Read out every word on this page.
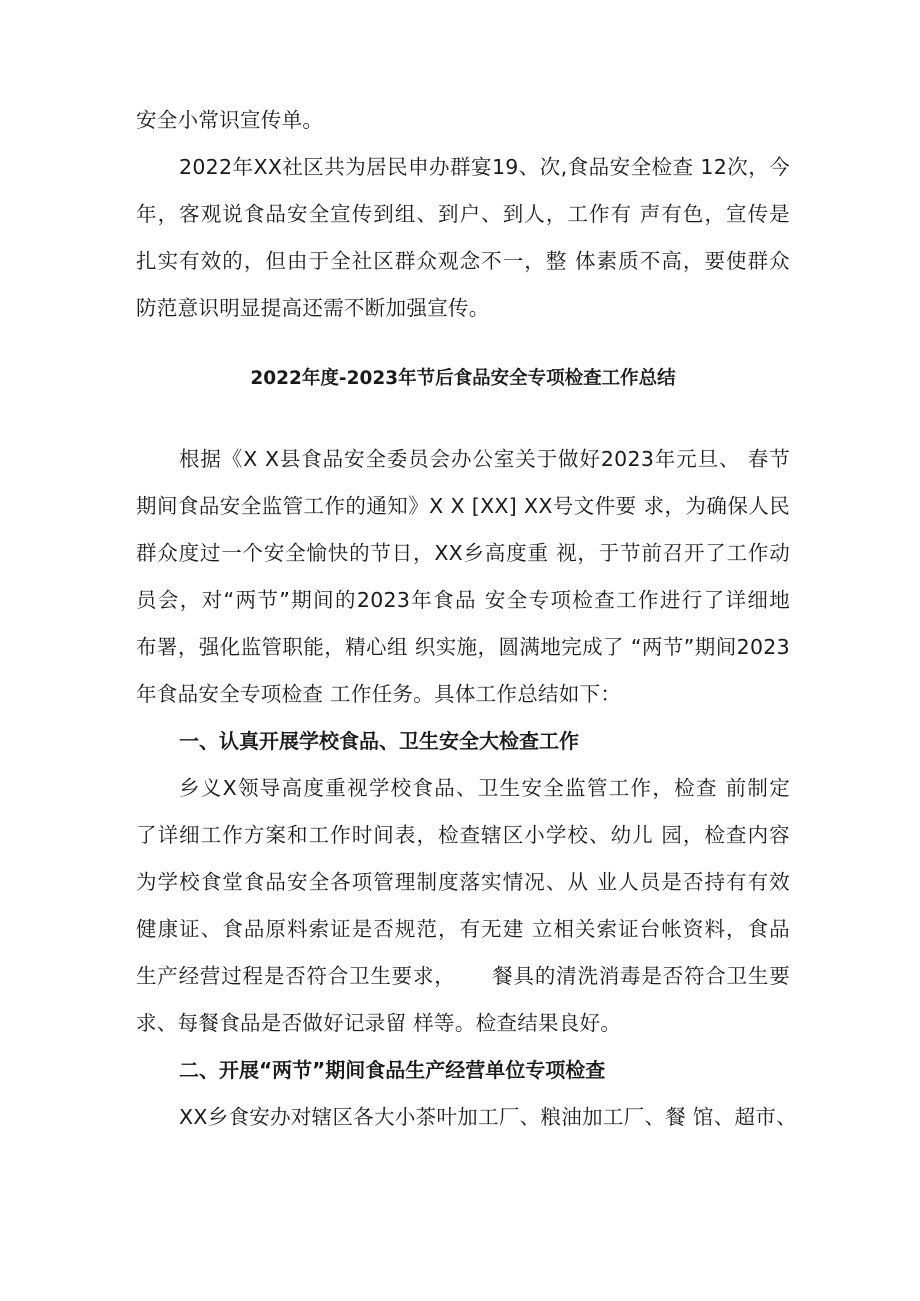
安全小常识宣传单。
2022年XX社区共为居民申办群宴19、次,食品安全检查 12次，今
年，客观说食品安全宣传到组、到户、到人，工作有 声有色，宣传是
扎实有效的，但由于全社区群众观念不一，整 体素质不高，要使群众
防范意识明显提高还需不断加强宣传。
2022年度-2023年节后食品安全专项检查工作总结
根据《X X县食品安全委员会办公室关于做好2023年元旦、 春节
期间食品安全监管工作的通知》X X [XX] XX号文件要 求，为确保人民
群众度过一个安全愉快的节日，XX乡高度重 视，于节前召开了工作动
员会，对“两节”期间的2023年食品 安全专项检查工作进行了详细地
布署，强化监管职能，精心组 织实施，圆满地完成了 “两节”期间2023
年食品安全专项检查 工作任务。具体工作总结如下：
一、认真开展学校食品、卫生安全大检查工作
乡义X领导高度重视学校食品、卫生安全监管工作，检查 前制定
了详细工作方案和工作时间表，检查辖区小学校、幼儿 园，检查内容
为学校食堂食品安全各项管理制度落实情况、从 业人员是否持有有效
健康证、食品原料索证是否规范，有无建 立相关索证台帐资料，食品
生产经营过程是否符合卫生要求，     餐具的清洗消毒是否符合卫生要
求、每餐食品是否做好记录留 样等。检查结果良好。
二、开展“两节”期间食品生产经营单位专项检查
XX乡食安办对辖区各大小茶叶加工厂、粮油加工厂、餐 馆、超市、
